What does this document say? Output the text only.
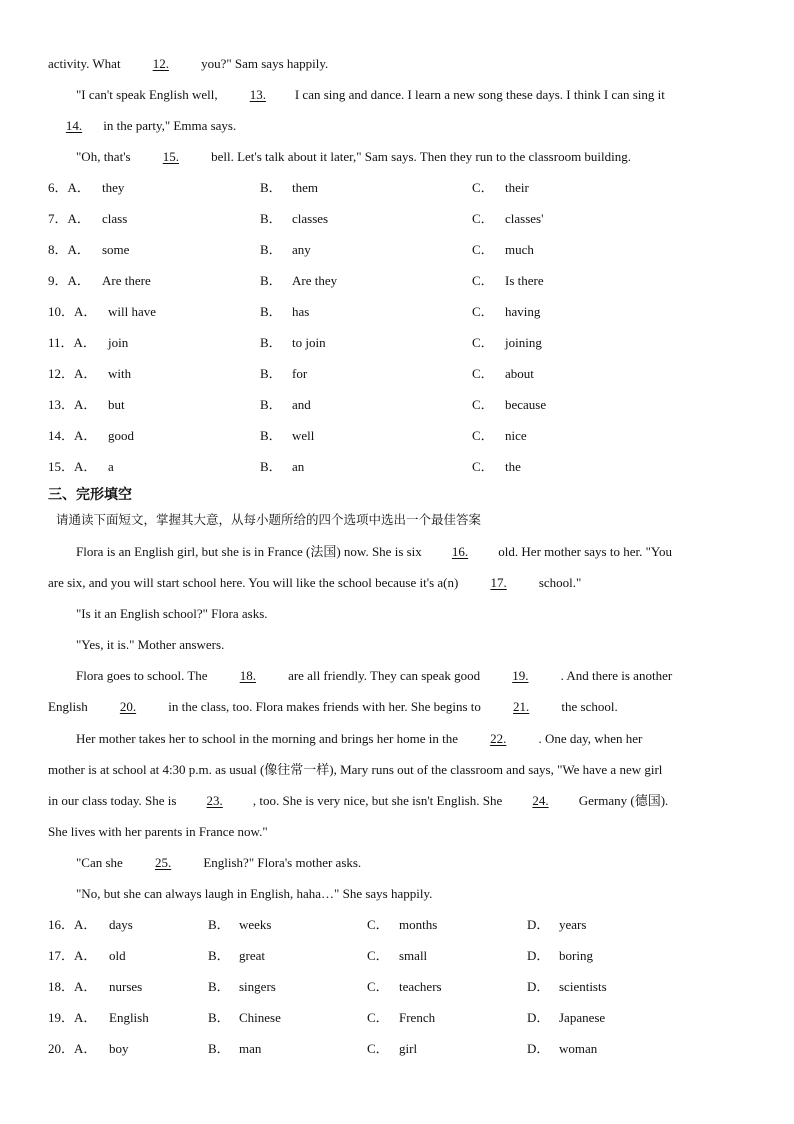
activity. What 12. you?" Sam says happily.
"I can't speak English well, 13. I can sing and dance. I learn a new song these days. I think I can sing it
14. in the party," Emma says.
"Oh, that's 15. bell. Let's talk about it later," Sam says. Then they run to the classroom building.
6．A． they	B． them	C． their
7．A． class	B． classes	C． classes'
8．A． some	B． any	C． much
9．A． Are there	B． Are they	C． Is there
10．A． will have	B． has	C． having
11．A． join	B． to join	C． joining
12．A． with	B． for	C． about
13．A． but	B． and	C． because
14．A． good	B． well	C． nice
15．A． a	B． an	C． the
三、完形填空
请通读下面短文，掌握其大意，从每小题所给的四个选项中选出一个最佳答案
Flora is an English girl, but she is in France (法国) now. She is six 16. old. Her mother says to her. "You
are six, and you will start school here. You will like the school because it's a(n) 17. school."
"Is it an English school?" Flora asks.
"Yes, it is." Mother answers.
Flora goes to school. The 18. are all friendly. They can speak good 19. . And there is another
English 20. in the class, too. Flora makes friends with her. She begins to 21. the school.
Her mother takes her to school in the morning and brings her home in the 22. . One day, when her
mother is at school at 4:30 p.m. as usual (像往常一样), Mary runs out of the classroom and says, "We have a new girl
in our class today. She is 23. , too. She is very nice, but she isn't English. She 24. Germany (德国).
She lives with her parents in France now."
"Can she 25. English?" Flora's mother asks.
"No, but she can always laugh in English, haha…" She says happily.
16．A． days	B． weeks	C． months	D． years
17．A． old	B． great	C． small	D． boring
18．A． nurses	B． singers	C． teachers	D． scientists
19．A． English	B． Chinese	C． French	D． Japanese
20．A． boy	B． man	C． girl	D． woman
